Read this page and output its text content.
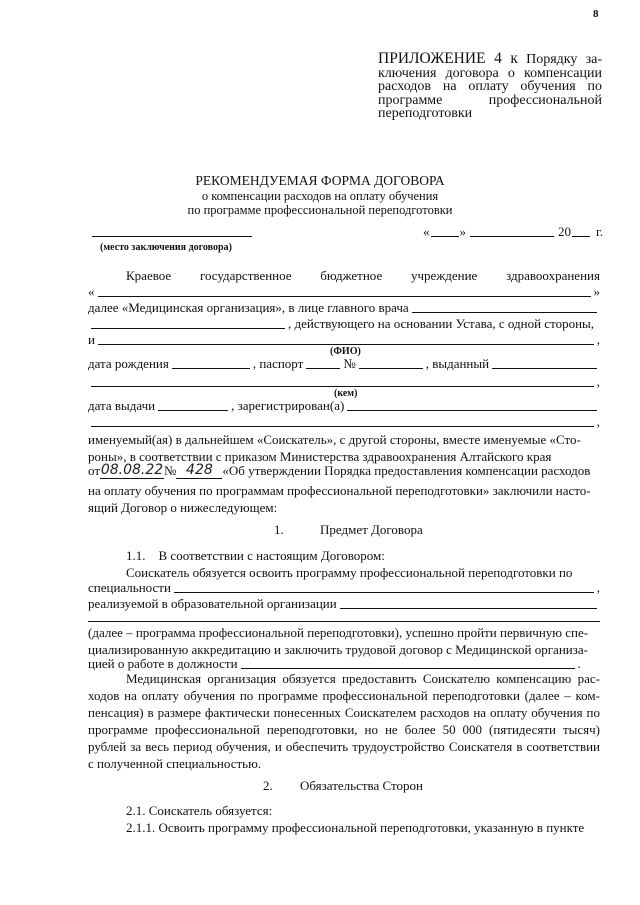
8
ПРИЛОЖЕНИЕ 4 к Порядку за- ключения договора о компенсации расходов на оплату обучения по программе профессиональной переподготовки
РЕКОМЕНДУЕМАЯ ФОРМА ДОГОВОРА
о компенсации расходов на оплату обучения
по программе профессиональной переподготовки
(место заключения договора)
« »	20 г.
Краевое государственное бюджетное учреждение здравоохранения
«	»
далее «Медицинская организация», в лице главного врача
, действующего на основании Устава, с одной стороны,
и	,
(ФИО)
дата рождения	, паспорт	№	, выданный
,
(кем)
дата выдачи	, зарегистрирован(а)
,
именуемый(ая) в дальнейшем «Соискатель», с другой стороны, вместе именуемые «Сто-
роны», в соответствии с приказом Министерства здравоохранения Алтайского края
от 08.08.22 № 428 «Об утверждении Порядка предоставления компенсации расходов
на оплату обучения по программам профессиональной переподготовки» заключили насто-
ящий Договор о нижеследующем:
1.	Предмет Договора
1.1.    В соответствии с настоящим Договором:
Соискатель обязуется освоить программу профессиональной переподготовки по
специальности	,
реализуемой в образовательной организации
(далее – программа профессиональной переподготовки), успешно пройти первичную спе-
циализированную аккредитацию и заключить трудовой договор с Медицинской организа-
цией о работе в должности	.
Медицинская организация обязуется предоставить Соискателю компенсацию расходов на оплату обучения по программе профессиональной переподготовки (далее – компенсация) в размере фактически понесенных Соискателем расходов на оплату обучения по программе профессиональной переподготовки, но не более 50 000 (пятидесяти тысяч) рублей за весь период обучения, и обеспечить трудоустройство Соискателя в соответствии с полученной специальностью.
2. Обязательства Сторон
2.1. Соискатель обязуется:
2.1.1. Освоить программу профессиональной переподготовки, указанную в пункте
